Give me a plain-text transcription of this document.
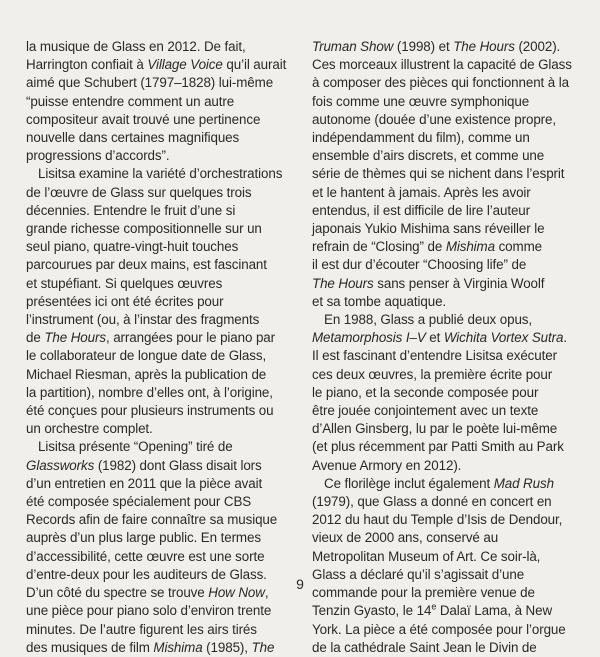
la musique de Glass en 2012. De fait,
Harrington confiait à Village Voice qu’il aurait
aimé que Schubert (1797–1828) lui-même
“puisse entendre comment un autre
compositeur avait trouvé une pertinence
nouvelle dans certaines magnifiques
progressions d’accords”.
Lisitsa examine la variété d’orchestrations
de l’œuvre de Glass sur quelques trois
décennies. Entendre le fruit d’une si
grande richesse compositionnelle sur un
seul piano, quatre-vingt-huit touches
parcourues par deux mains, est fascinant
et stupéfiant. Si quelques œuvres
présentées ici ont été écrites pour
l’instrument (ou, à l’instar des fragments
de The Hours, arrangées pour le piano par
le collaborateur de longue date de Glass,
Michael Riesman, après la publication de
la partition), nombre d’elles ont, à l’origine,
été conçues pour plusieurs instruments ou
un orchestre complet.
Lisitsa présente “Opening” tiré de
Glassworks (1982) dont Glass disait lors
d’un entretien en 2011 que la pièce avait
été composée spécialement pour CBS
Records afin de faire connaître sa musique
auprès d’un plus large public. En termes
d’accessibilité, cette œuvre est une sorte
d’entre-deux pour les auditeurs de Glass.
D’un côté du spectre se trouve How Now,
une pièce pour piano solo d’environ trente
minutes. De l’autre figurent les airs tirés
des musiques de film Mishima (1985), The
Truman Show (1998) et The Hours (2002).
Ces morceaux illustrent la capacité de Glass
à composer des pièces qui fonctionnent à la
fois comme une œuvre symphonique
autonome (douée d’une existence propre,
indépendamment du film), comme un
ensemble d’airs discrets, et comme une
série de thèmes qui se nichent dans l’esprit
et le hantent à jamais. Après les avoir
entendus, il est difficile de lire l’auteur
japonais Yukio Mishima sans réveiller le
refrain de “Closing” de Mishima comme
il est dur d’écouter “Choosing life” de
The Hours sans penser à Virginia Woolf
et sa tombe aquatique.
En 1988, Glass a publié deux opus,
Metamorphosis I–V et Wichita Vortex Sutra.
Il est fascinant d’entendre Lisitsa exécuter
ces deux œuvres, la première écrite pour
le piano, et la seconde composée pour
être jouée conjointement avec un texte
d’Allen Ginsberg, lu par le poète lui-même
(et plus récemment par Patti Smith au Park
Avenue Armory en 2012).
Ce florilège inclut également Mad Rush
(1979), que Glass a donné en concert en
2012 du haut du Temple d’Isis de Dendour,
vieux de 2000 ans, conservé au
Metropolitan Museum of Art. Ce soir-là,
Glass a déclaré qu’il s’agissait d’une
commande pour la première venue de
Tenzin Gyasto, le 14e Dalaï Lama, à New
York. La pièce a été composée pour l’orgue
de la cathédrale Saint Jean le Divin de
9
